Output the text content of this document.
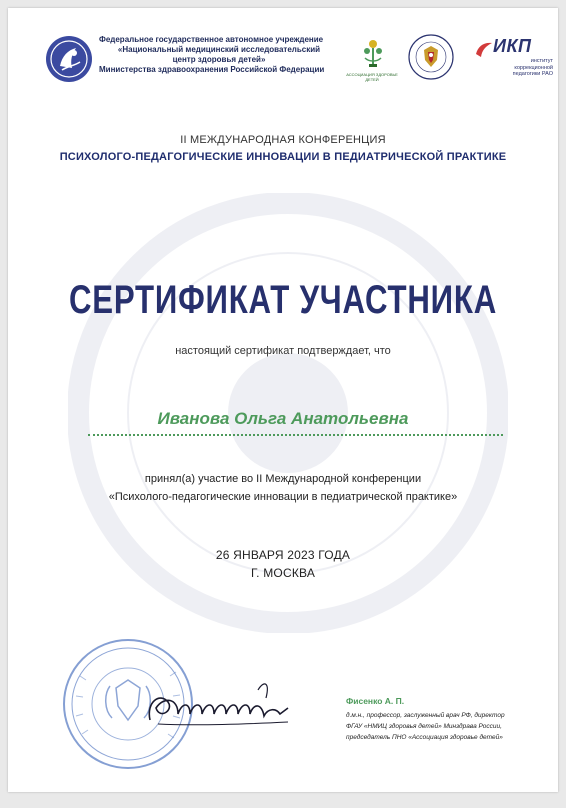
Федеральное государственное автономное учреждение
«Национальный медицинский исследовательский
центр здоровья детей»
Министерства здравоохранения Российской Федерации
АССОЦИАЦИЯ ЗДОРОВЬЕ ДЕТЕЙ
ИКП
институт коррекционной педагогики РАО
II МЕЖДУНАРОДНАЯ КОНФЕРЕНЦИЯ
ПСИХОЛОГО-ПЕДАГОГИЧЕСКИЕ ИННОВАЦИИ В ПЕДИАТРИЧЕСКОЙ ПРАКТИКЕ
СЕРТИФИКАТ УЧАСТНИКА
настоящий сертификат подтверждает, что
Иванова Ольга Анатольевна
принял(а) участие во II Международной конференции
«Психолого-педагогические инновации в педиатрической практике»
26 ЯНВАРЯ 2023 ГОДА
Г. МОСКВА
Фисенко А. П.
д.м.н., профессор, заслуженный врач РФ, директор
ФГАУ «НМИЦ здоровья детей» Минздрава России,
председатель ПНО «Ассоциация здоровье детей»
